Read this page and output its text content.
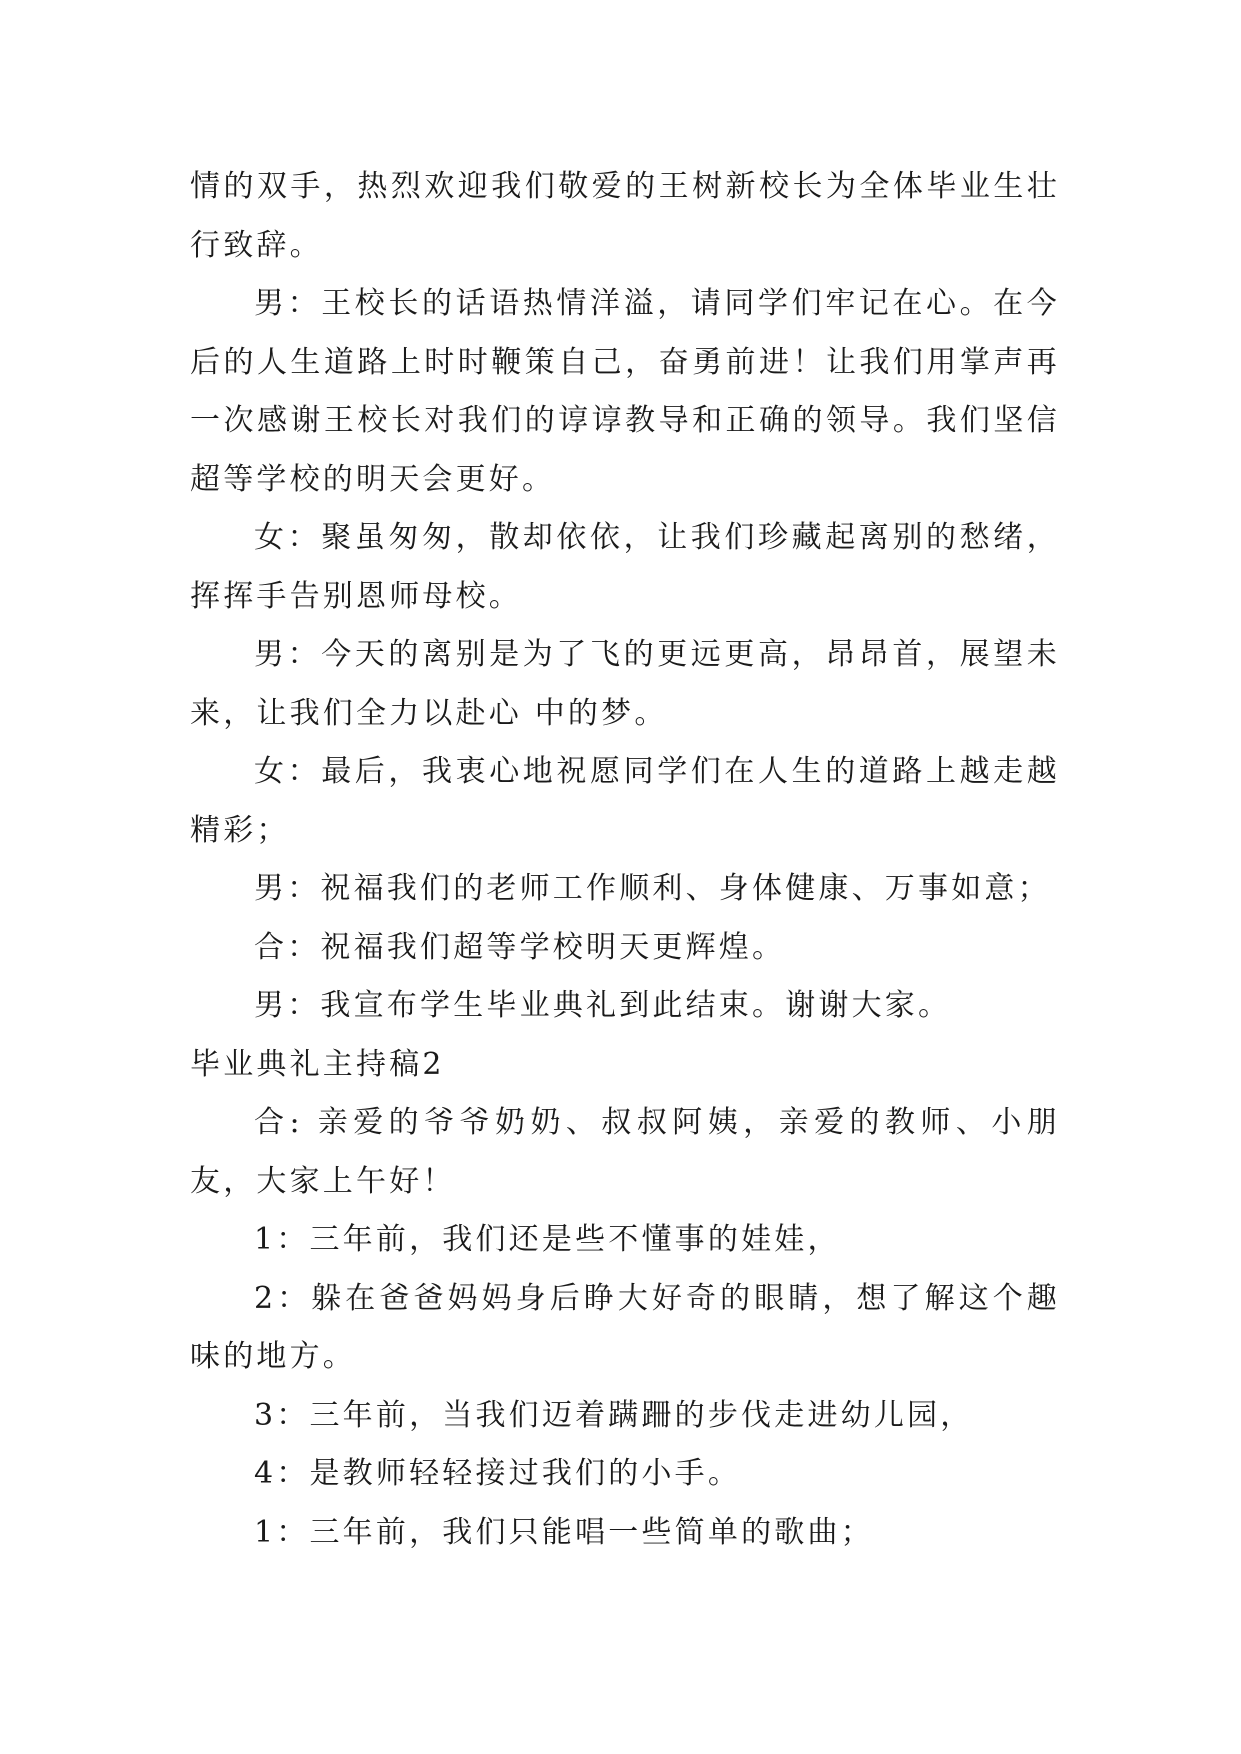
情的双手，热烈欢迎我们敬爱的王树新校长为全体毕业生壮行致辞。

男：王校长的话语热情洋溢，请同学们牢记在心。在今后的人生道路上时时鞭策自己，奋勇前进！让我们用掌声再一次感谢王校长对我们的谆谆教导和正确的领导。我们坚信超等学校的明天会更好。

女：聚虽匆匆，散却依依，让我们珍藏起离别的愁绪，挥挥手告别恩师母校。

男：今天的离别是为了飞的更远更高，昂昂首，展望未来，让我们全力以赴心 中的梦。

女：最后，我衷心地祝愿同学们在人生的道路上越走越精彩；

男：祝福我们的老师工作顺利、身体健康、万事如意；

合：祝福我们超等学校明天更辉煌。

男：我宣布学生毕业典礼到此结束。谢谢大家。

毕业典礼主持稿2

合: 亲爱的爷爷奶奶、叔叔阿姨，亲爱的教师、小朋友，大家上午好！

1：三年前，我们还是些不懂事的娃娃，

2：躲在爸爸妈妈身后睁大好奇的眼睛，想了解这个趣味的地方。

3：三年前，当我们迈着蹒跚的步伐走进幼儿园，

4：是教师轻轻接过我们的小手。

1：三年前，我们只能唱一些简单的歌曲；
